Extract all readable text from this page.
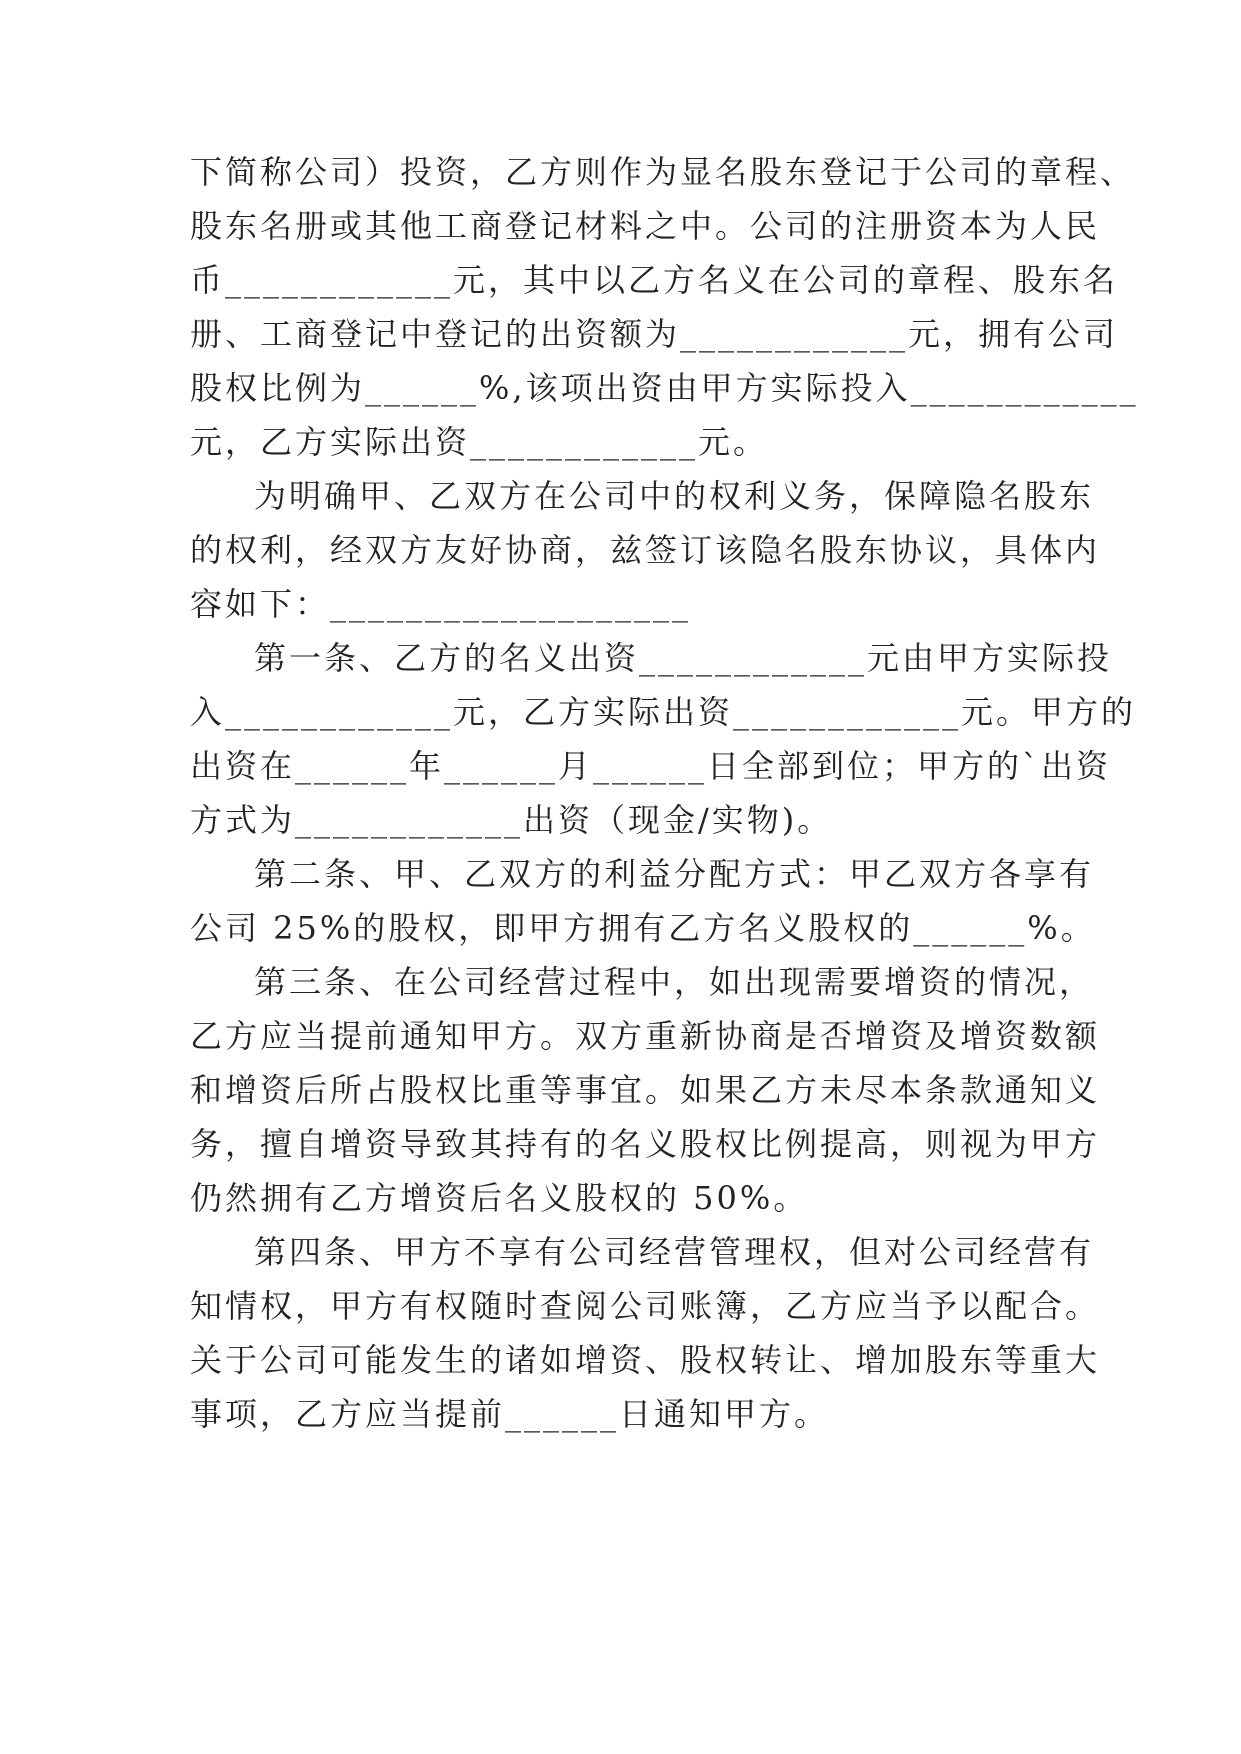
下简称公司）投资，乙方则作为显名股东登记于公司的章程、
股东名册或其他工商登记材料之中。公司的注册资本为人民
币____________元，其中以乙方名义在公司的章程、股东名
册、工商登记中登记的出资额为____________元，拥有公司
股权比例为______%,该项出资由甲方实际投入____________
元，乙方实际出资____________元。
为明确甲、乙双方在公司中的权利义务，保障隐名股东
的权利，经双方友好协商，兹签订该隐名股东协议，具体内
容如下：___________________
第一条、乙方的名义出资____________元由甲方实际投
入____________元，乙方实际出资____________元。甲方的
出资在______年______月______日全部到位；甲方的`出资
方式为____________出资（现金/实物)。
第二条、甲、乙双方的利益分配方式：甲乙双方各享有
公司 25%的股权，即甲方拥有乙方名义股权的______%。
第三条、在公司经营过程中，如出现需要增资的情况，
乙方应当提前通知甲方。双方重新协商是否增资及增资数额
和增资后所占股权比重等事宜。如果乙方未尽本条款通知义
务，擅自增资导致其持有的名义股权比例提高，则视为甲方
仍然拥有乙方增资后名义股权的 50%。
第四条、甲方不享有公司经营管理权，但对公司经营有
知情权，甲方有权随时查阅公司账簿，乙方应当予以配合。
关于公司可能发生的诸如增资、股权转让、增加股东等重大
事项，乙方应当提前______日通知甲方。
